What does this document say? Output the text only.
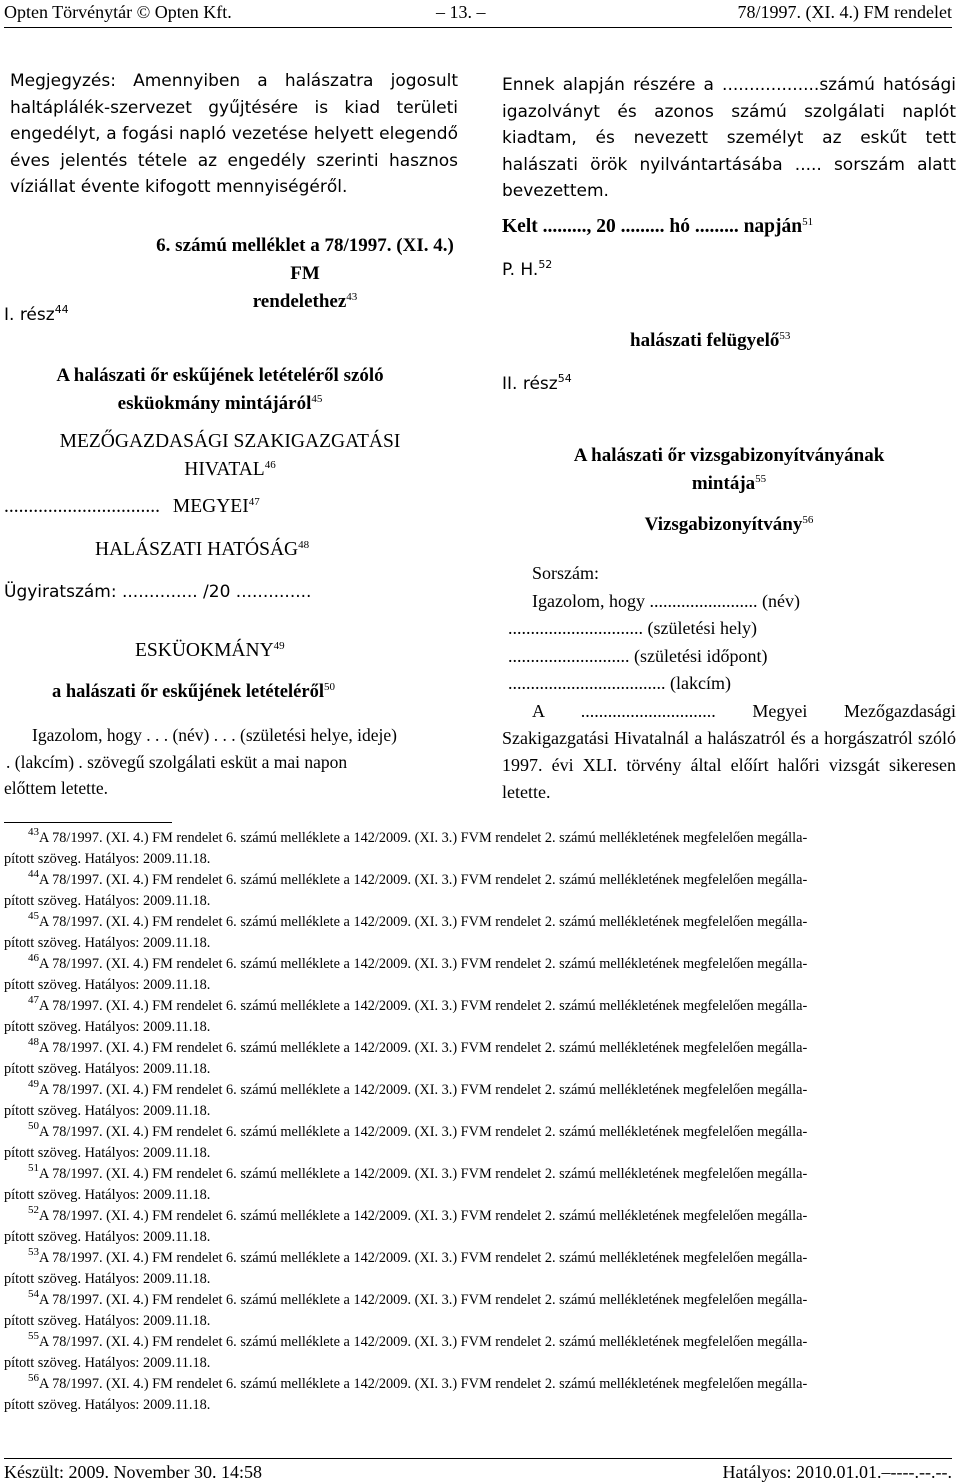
Opten Törvénytár © Opten Kft.	– 13. –	78/1997. (XI. 4.) FM rendelet

Megjegyzés: Amennyiben a halászatra jogosult haltáplálék-szervezet gyűjtésére is kiad területi engedélyt, a fogási napló vezetése helyett elegendő éves jelentés tétele az engedély szerinti hasznos víziállat évente kifogott mennyiségéről.

6. számú melléklet a 78/1997. (XI. 4.) FM
rendelethez$^{43}$
I. rész$^{44}$
A halászati őr eskűjének letételéről szóló
esküokmány mintájáról$^{45}$
MEZŐGAZDASÁGI SZAKIGAZGATÁSI
HIVATAL$^{46}$
................................ MEGYEI$^{47}$
HALÁSZATI HATÓSÁG$^{48}$
Ügyiratszám: .............. /20 ..............
ESKÜOKMÁNY$^{49}$
a halászati őr eskűjének letételéről$^{50}$
Igazolom, hogy . . . (név) . . . (születési helye, ideje)
. (lakcím) . szövegű szolgálati esküt a mai napon
előttem letette.

Ennek alapján részére a ..................számú hatósági igazolványt és azonos számú szolgálati naplót kiadtam, és nevezett személyt az eskűt tett halászati örök nyilvántartásába ..... sorszám alatt bevezettem.

Kelt ........., 20 ......... hó ......... napján$^{51}$
P. H.$^{52}$
halászati felügyelő$^{53}$
II. rész$^{54}$
A halászati őr vizsgabizonyítványának
mintája$^{55}$
Vizsgabizonyítvány$^{56}$
Sorszám:
Igazolom, hogy ........................ (név)
.............................. (születési hely)
........................... (születési időpont)
................................... (lakcím)

A .............................. Megyei Mezőgazdasági Szakigazgatási Hivatalnál a halászatról és a horgászatról szóló 1997. évi XLI. törvény által előírt halőri vizsgát sikeresen letette.

$^{43}$A 78/1997. (XI. 4.) FM rendelet 6. számú melléklete a 142/2009. (XI. 3.) FVM rendelet 2. számú mellékletének megfelelően megálla-
pított szöveg. Hatályos: 2009.11.18.
$^{44}$A 78/1997. (XI. 4.) FM rendelet 6. számú melléklete a 142/2009. (XI. 3.) FVM rendelet 2. számú mellékletének megfelelően megálla-
pított szöveg. Hatályos: 2009.11.18.
$^{45}$A 78/1997. (XI. 4.) FM rendelet 6. számú melléklete a 142/2009. (XI. 3.) FVM rendelet 2. számú mellékletének megfelelően megálla-
pított szöveg. Hatályos: 2009.11.18.
$^{46}$A 78/1997. (XI. 4.) FM rendelet 6. számú melléklete a 142/2009. (XI. 3.) FVM rendelet 2. számú mellékletének megfelelően megálla-
pított szöveg. Hatályos: 2009.11.18.
$^{47}$A 78/1997. (XI. 4.) FM rendelet 6. számú melléklete a 142/2009. (XI. 3.) FVM rendelet 2. számú mellékletének megfelelően megálla-
pított szöveg. Hatályos: 2009.11.18.
$^{48}$A 78/1997. (XI. 4.) FM rendelet 6. számú melléklete a 142/2009. (XI. 3.) FVM rendelet 2. számú mellékletének megfelelően megálla-
pított szöveg. Hatályos: 2009.11.18.
$^{49}$A 78/1997. (XI. 4.) FM rendelet 6. számú melléklete a 142/2009. (XI. 3.) FVM rendelet 2. számú mellékletének megfelelően megálla-
pított szöveg. Hatályos: 2009.11.18.
$^{50}$A 78/1997. (XI. 4.) FM rendelet 6. számú melléklete a 142/2009. (XI. 3.) FVM rendelet 2. számú mellékletének megfelelően megálla-
pított szöveg. Hatályos: 2009.11.18.
$^{51}$A 78/1997. (XI. 4.) FM rendelet 6. számú melléklete a 142/2009. (XI. 3.) FVM rendelet 2. számú mellékletének megfelelően megálla-
pított szöveg. Hatályos: 2009.11.18.
$^{52}$A 78/1997. (XI. 4.) FM rendelet 6. számú melléklete a 142/2009. (XI. 3.) FVM rendelet 2. számú mellékletének megfelelően megálla-
pított szöveg. Hatályos: 2009.11.18.
$^{53}$A 78/1997. (XI. 4.) FM rendelet 6. számú melléklete a 142/2009. (XI. 3.) FVM rendelet 2. számú mellékletének megfelelően megálla-
pított szöveg. Hatályos: 2009.11.18.
$^{54}$A 78/1997. (XI. 4.) FM rendelet 6. számú melléklete a 142/2009. (XI. 3.) FVM rendelet 2. számú mellékletének megfelelően megálla-
pított szöveg. Hatályos: 2009.11.18.
$^{55}$A 78/1997. (XI. 4.) FM rendelet 6. számú melléklete a 142/2009. (XI. 3.) FVM rendelet 2. számú mellékletének megfelelően megálla-
pított szöveg. Hatályos: 2009.11.18.
$^{56}$A 78/1997. (XI. 4.) FM rendelet 6. számú melléklete a 142/2009. (XI. 3.) FVM rendelet 2. számú mellékletének megfelelően megálla-
pított szöveg. Hatályos: 2009.11.18.
Készült: 2009. November 30. 14:58	Hatályos: 2010.01.01.–----.--.--.
